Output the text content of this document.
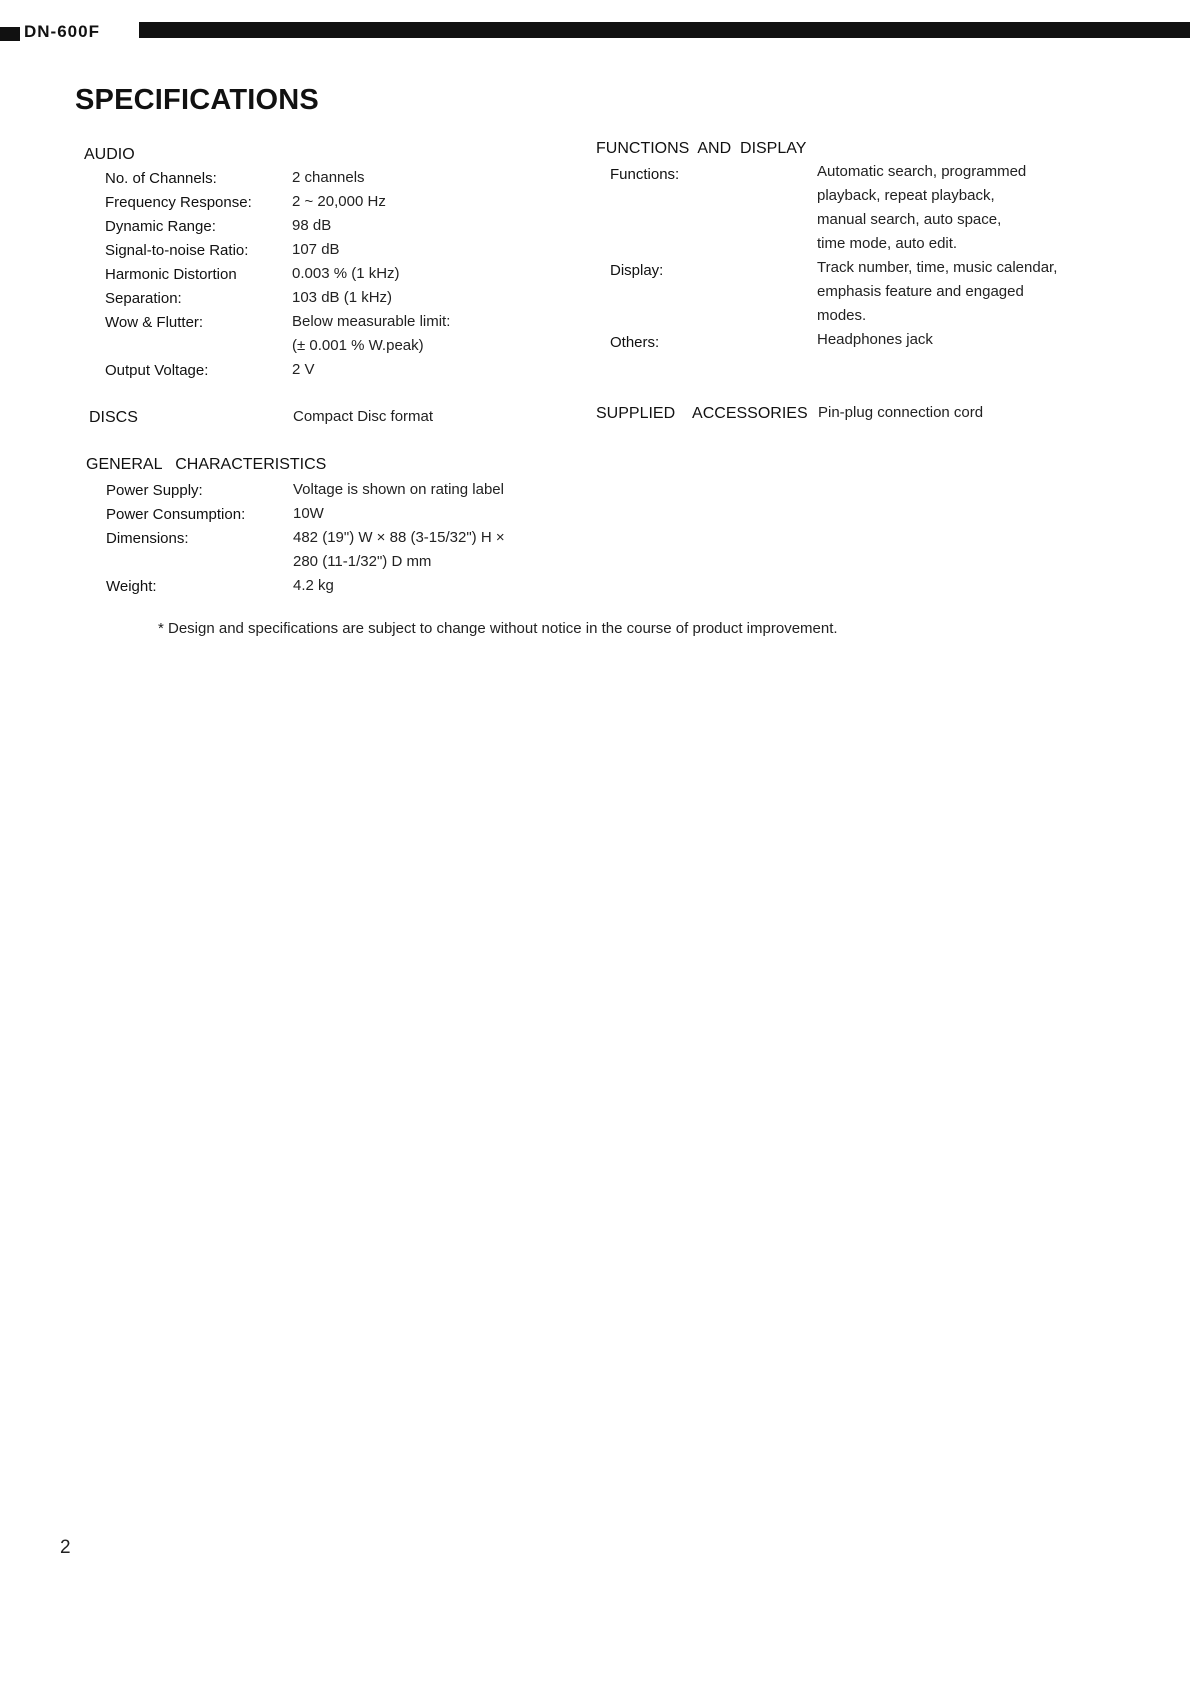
DN-600F
SPECIFICATIONS
AUDIO
No. of Channels:	2 channels
Frequency Response:	2 ~ 20,000 Hz
Dynamic Range:	98 dB
Signal-to-noise Ratio:	107 dB
Harmonic Distortion	0.003 % (1 kHz)
Separation:	103 dB (1 kHz)
Wow & Flutter:	Below measurable limit:
(± 0.001 % W.peak)
Output Voltage:	2 V
DISCS	Compact Disc format
GENERAL   CHARACTERISTICS
Power Supply:	Voltage is shown on rating label
Power Consumption:	10W
Dimensions:	482 (19") W × 88 (3-15/32") H ×
280 (11-1/32") D mm
Weight:	4.2 kg
FUNCTIONS  AND  DISPLAY
Functions:	Automatic search, programmed
playback, repeat playback,
manual search, auto space,
time mode, auto edit.
Display:	Track number, time, music calendar,
emphasis feature and engaged
modes.
Others:	Headphones jack
SUPPLIED    ACCESSORIES Pin-plug connection cord
* Design and specifications are subject to change without notice in the course of product improvement.
2
